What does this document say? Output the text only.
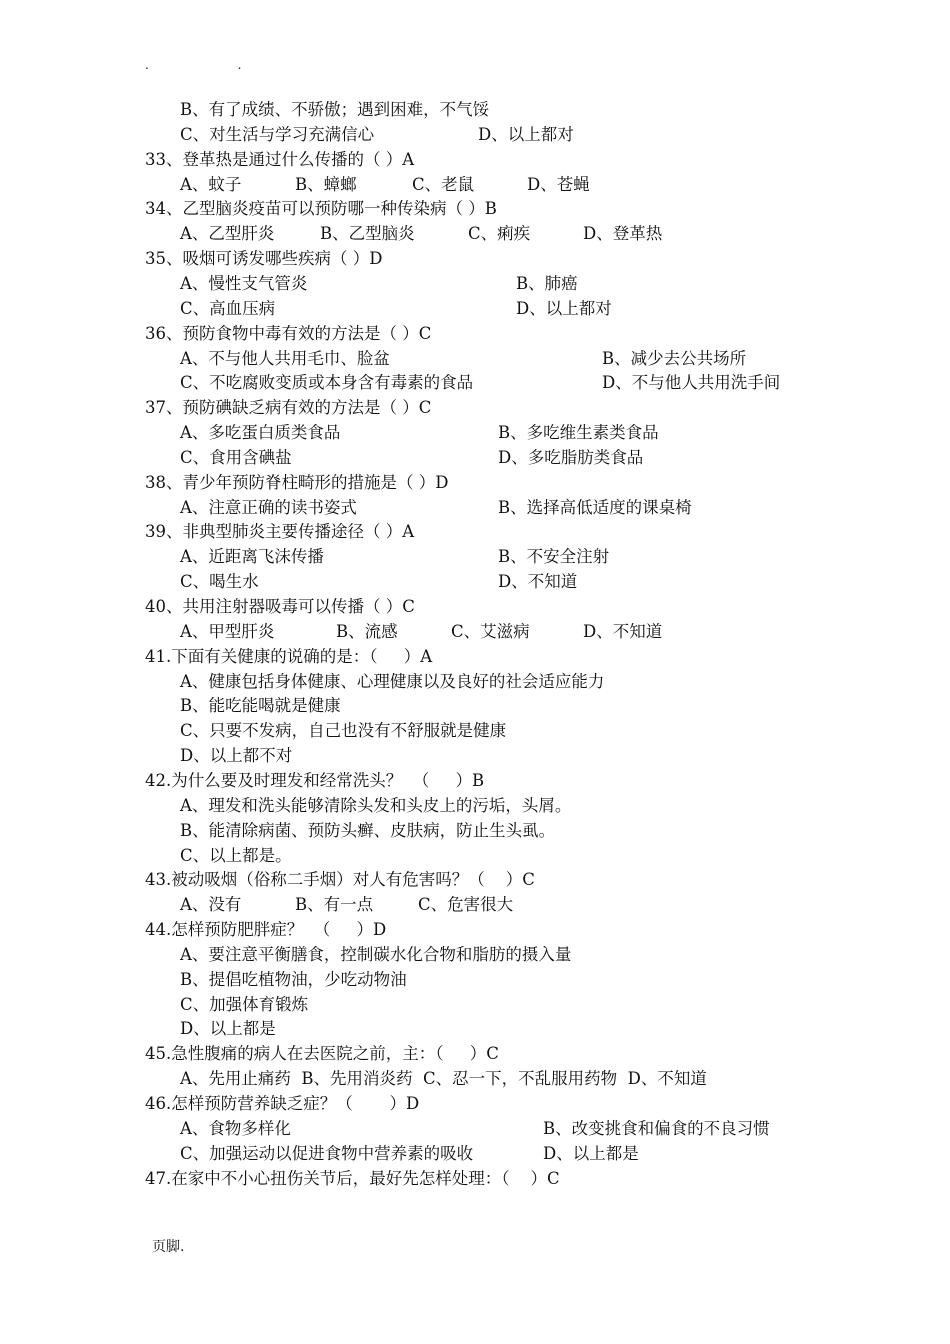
.	.
B、有了成绩、不骄傲；遇到困难，不气馁
C、对生活与学习充满信心	D、以上都对
33、登革热是通过什么传播的（ ）A
A、蚊子	B、蟑螂	C、老鼠	D、苍蝇
34、乙型脑炎疫苗可以预防哪一种传染病（ ）B
A、乙型肝炎	B、乙型脑炎	C、痢疾	D、登革热
35、吸烟可诱发哪些疾病（ ）D
A、慢性支气管炎	B、肺癌
C、高血压病	D、以上都对
36、预防食物中毒有效的方法是（ ）C
A、不与他人共用毛巾、脸盆	B、减少去公共场所
C、不吃腐败变质或本身含有毒素的食品	D、不与他人共用洗手间
37、预防碘缺乏病有效的方法是（ ）C
A、多吃蛋白质类食品	B、多吃维生素类食品
C、食用含碘盐	D、多吃脂肪类食品
38、青少年预防脊柱畸形的措施是（ ）D
A、注意正确的读书姿式	B、选择高低适度的课桌椅
39、非典型肺炎主要传播途径（ ）A
A、近距离飞沫传播	B、不安全注射
C、喝生水	D、不知道
40、共用注射器吸毒可以传播（ ）C
A、甲型肝炎	B、流感	C、艾滋病	D、不知道
41.下面有关健康的说确的是：（     ）A
A、健康包括身体健康、心理健康以及良好的社会适应能力
B、能吃能喝就是健康
C、只要不发病，自己也没有不舒服就是健康
D、以上都不对
42.为什么要及时理发和经常洗头？  （     ）B
A、理发和洗头能够清除头发和头皮上的污垢，头屑。
B、能清除病菌、预防头癣、皮肤病，防止生头虱。
C、以上都是。
43.被动吸烟（俗称二手烟）对人有危害吗？（    ）C
A、没有	B、有一点	C、危害很大
44.怎样预防肥胖症？  （     ）D
A、要注意平衡膳食，控制碳水化合物和脂肪的摄入量
B、提倡吃植物油，少吃动物油
C、加强体育锻炼
D、以上都是
45.急性腹痛的病人在去医院之前，主：（     ）C
A、先用止痛药  B、先用消炎药  C、忍一下，不乱服用药物  D、不知道
46.怎样预防营养缺乏症？（       ）D
A、食物多样化	B、改变挑食和偏食的不良习惯
C、加强运动以促进食物中营养素的吸收	D、以上都是
47.在家中不小心扭伤关节后，最好先怎样处理：（    ）C
页脚.
